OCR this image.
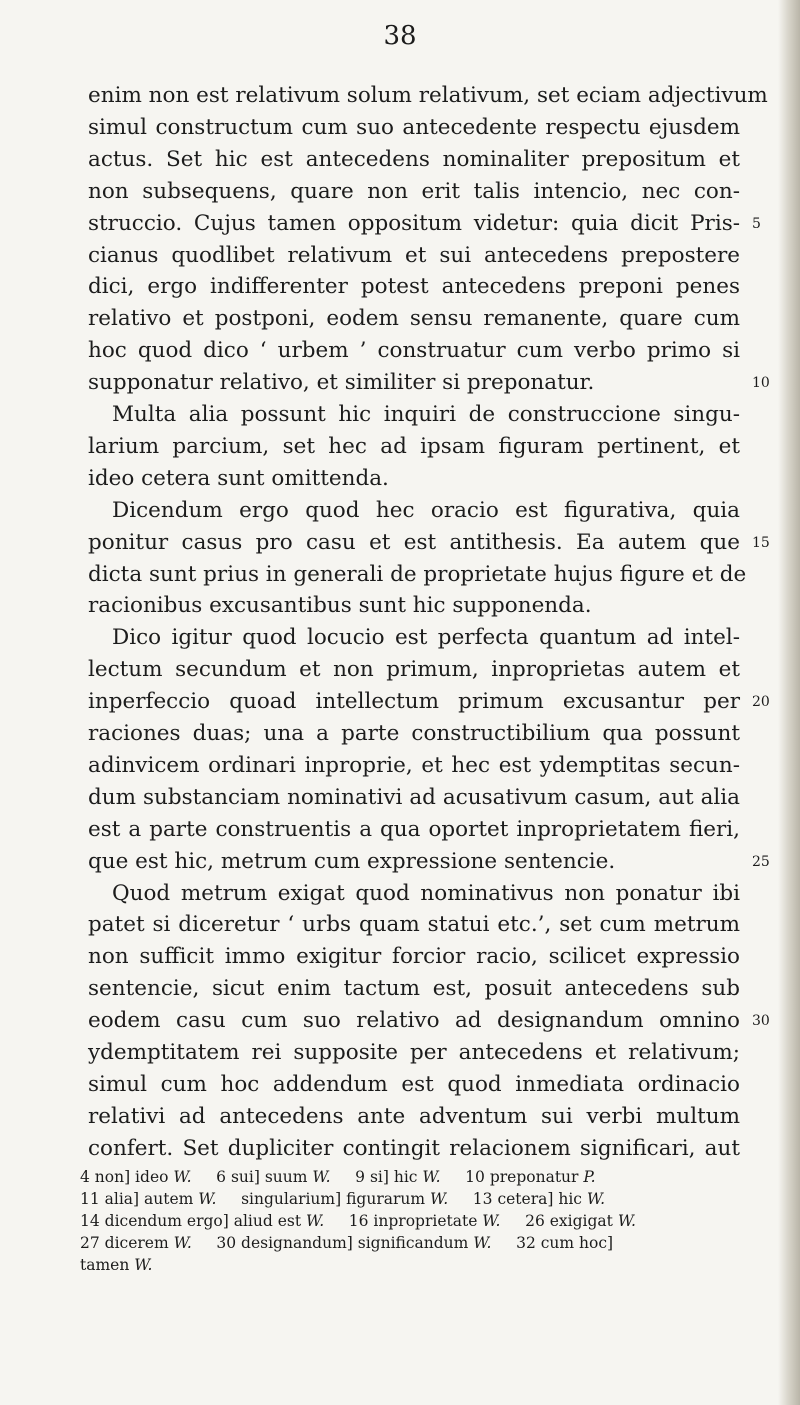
38
enim non est relativum solum relativum, set eciam adjectivum
simul constructum cum suo antecedente respectu ejusdem
actus. Set hic est antecedens nominaliter prepositum et
non subsequens, quare non erit talis intencio, nec con-
struccio. Cujus tamen oppositum videtur: quia dicit Pris- 5
cianus quodlibet relativum et sui antecedens prepostere
dici, ergo indifferenter potest antecedens preponi penes
relativo et postponi, eodem sensu remanente, quare cum
hoc quod dico ‘ urbem ’ construatur cum verbo primo si
supponatur relativo, et similiter si preponatur.	10
Multa alia possunt hic inquiri de construccione singu-
larium parcium, set hec ad ipsam figuram pertinent, et
ideo cetera sunt omittenda.
Dicendum ergo quod hec oracio est figurativa, quia
ponitur casus pro casu et est antithesis. Ea autem que 15
dicta sunt prius in generali de proprietate hujus figure et de
racionibus excusantibus sunt hic supponenda.
Dico igitur quod locucio est perfecta quantum ad intel-
lectum secundum et non primum, inproprietas autem et
inperfeccio quoad intellectum primum excusantur per 20
raciones duas; una a parte constructibilium qua possunt
adinvicem ordinari inproprie, et hec est ydemptitas secun-
dum substanciam nominativi ad acusativum casum, aut alia
est a parte construentis a qua oportet inproprietatem fieri,
que est hic, metrum cum expressione sentencie.	25
Quod metrum exigat quod nominativus non ponatur ibi
patet si diceretur ‘ urbs quam statui etc.’, set cum metrum
non sufficit immo exigitur forcior racio, scilicet expressio
sentencie, sicut enim tactum est, posuit antecedens sub
eodem casu cum suo relativo ad designandum omnino 30
ydemptitatem rei supposite per antecedens et relativum;
simul cum hoc addendum est quod inmediata ordinacio
relativi ad antecedens ante adventum sui verbi multum
confert. Set dupliciter contingit relacionem significari, aut
4 non] ideo W.     6 sui] suum W.     9 si] hic W.     10 preponatur P.
11 alia] autem W.     singularium] figurarum W.     13 cetera] hic W.
14 dicendum ergo] aliud est W.     16 inproprietate W.     26 exigigat W.
27 dicerem W.     30 designandum] significandum W.     32 cum hoc]
tamen W.
